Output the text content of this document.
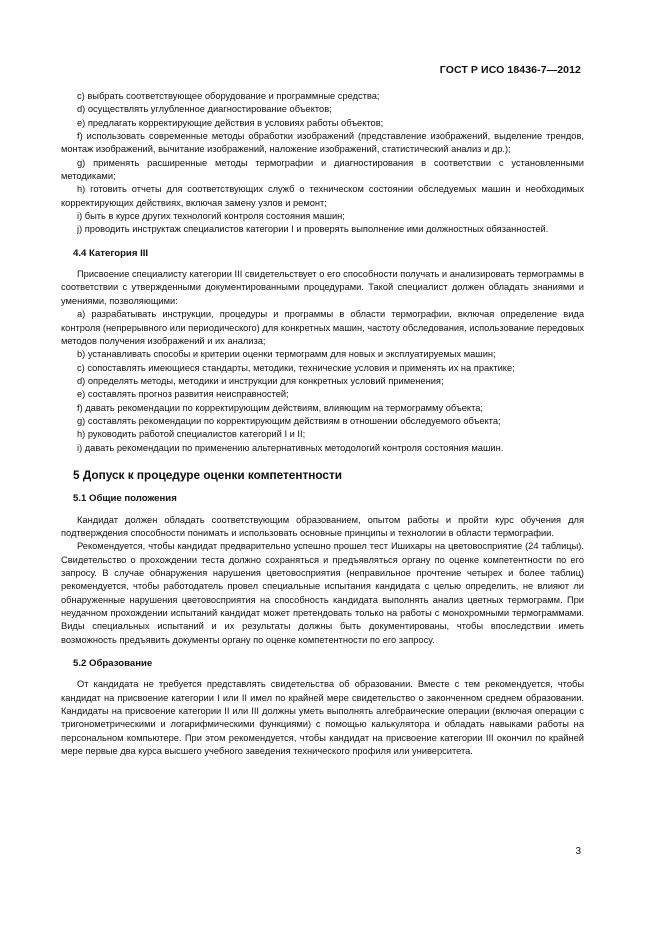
ГОСТ Р ИСО 18436-7—2012

c) выбрать соответствующее оборудование и программные средства;

d) осуществлять углубленное диагностирование объектов;

e) предлагать корректирующие действия в условиях работы объектов;

f) использовать современные методы обработки изображений (представление изображений, выделение трендов, монтаж изображений, вычитание изображений, наложение изображений, статистический анализ и др.);

g) применять расширенные методы термографии и диагностирования в соответствии с установленными методиками;

h) готовить отчеты для соответствующих служб о техническом состоянии обследуемых машин и необходимых корректирующих действиях, включая замену узлов и ремонт;

i) быть в курсе других технологий контроля состояния машин;

j) проводить инструктаж специалистов категории I и проверять выполнение ими должностных обязанностей.

4.4 Категория III

Присвоение специалисту категории III свидетельствует о его способности получать и анализировать термограммы в соответствии с утвержденными документированными процедурами. Такой специалист должен обладать знаниями и умениями, позволяющими:

a) разрабатывать инструкции, процедуры и программы в области термографии, включая определение вида контроля (непрерывного или периодического) для конкретных машин, частоту обследования, использование передовых методов получения изображений и их анализа;

b) устанавливать способы и критерии оценки термограмм для новых и эксплуатируемых машин;

c) сопоставлять имеющиеся стандарты, методики, технические условия и применять их на практике;

d) определять методы, методики и инструкции для конкретных условий применения;

e) составлять прогноз развития неисправностей;

f) давать рекомендации по корректирующим действиям, влияющим на термограмму объекта;

g) составлять рекомендации по корректирующим действиям в отношении обследуемого объекта;

h) руководить работой специалистов категорий I и II;

i) давать рекомендации по применению альтернативных методологий контроля состояния машин.

5 Допуск к процедуре оценки компетентности
5.1 Общие положения

Кандидат должен обладать соответствующим образованием, опытом работы и пройти курс обучения для подтверждения способности понимать и использовать основные принципы и технологии в области термографии.

Рекомендуется, чтобы кандидат предварительно успешно прошел тест Ишихары на цветовосприятие (24 таблицы). Свидетельство о прохождении теста должно сохраняться и предъявляться органу по оценке компетентности по его запросу. В случае обнаружения нарушения цветовосприятия (неправильное прочтение четырех и более таблиц) рекомендуется, чтобы работодатель провел специальные испытания кандидата с целью определить, не влияют ли обнаруженные нарушения цветовосприятия на способность кандидата выполнять анализ цветных термограмм. При неудачном прохождении испытаний кандидат может претендовать только на работы с монохромными термограммами. Виды специальных испытаний и их результаты должны быть документированы, чтобы впоследствии иметь возможность предъявить документы органу по оценке компетентности по его запросу.

5.2 Образование

От кандидата не требуется представлять свидетельства об образовании. Вместе с тем рекомендуется, чтобы кандидат на присвоение категории I или II имел по крайней мере свидетельство о законченном среднем образовании. Кандидаты на присвоение категории II или III должны уметь выполнять алгебраические операции (включая операции с тригонометрическими и логарифмическими функциями) с помощью калькулятора и обладать навыками работы на персональном компьютере. При этом рекомендуется, чтобы кандидат на присвоение категории III окончил по крайней мере первые два курса высшего учебного заведения технического профиля или университета.

3
